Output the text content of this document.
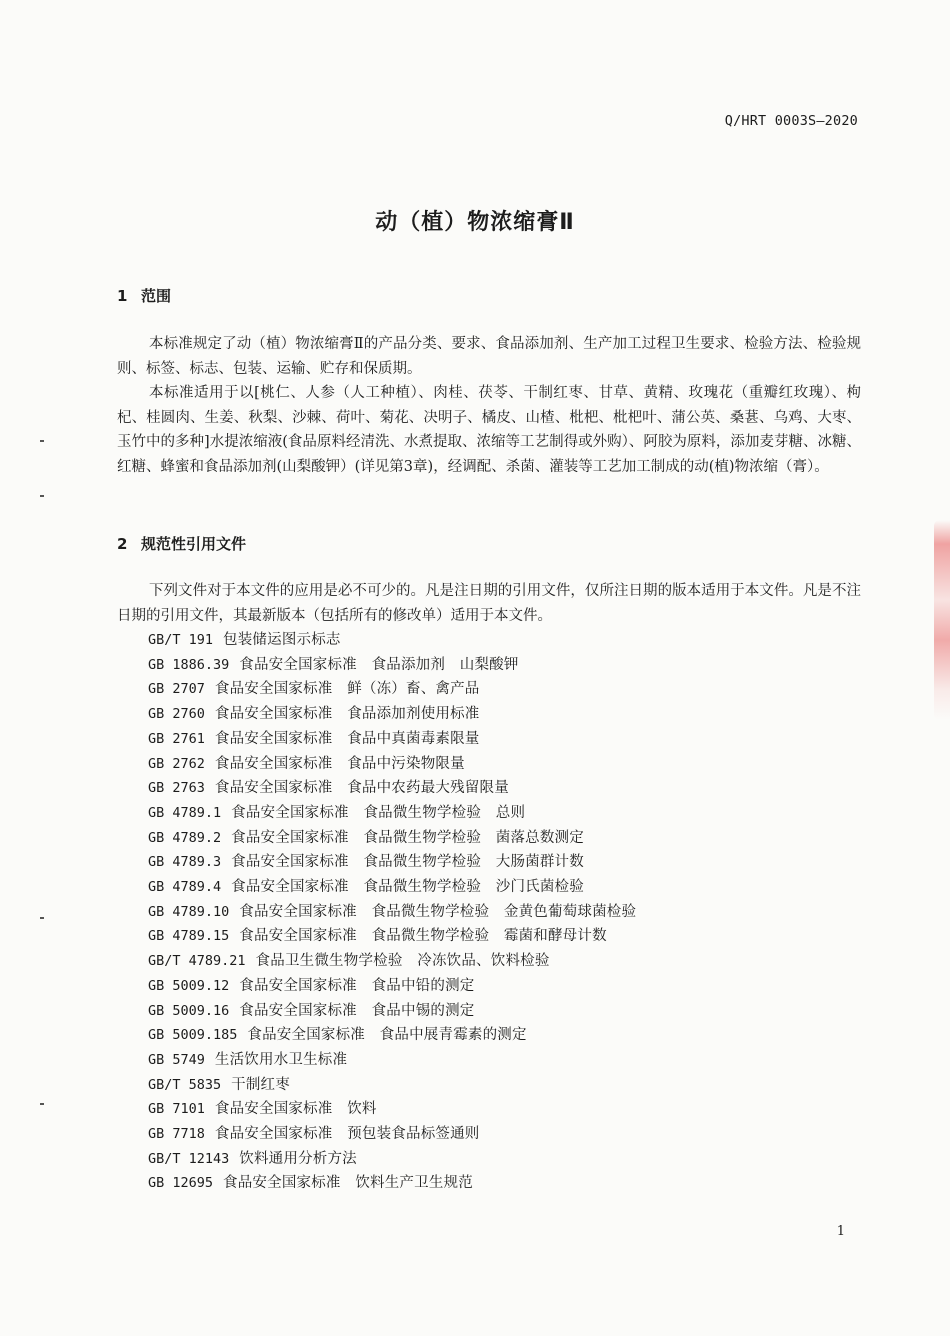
Q/HRT 0003S—2020
动（植）物浓缩膏Ⅱ
1 范围

本标准规定了动（植）物浓缩膏Ⅱ的产品分类、要求、食品添加剂、生产加工过程卫生要求、检验方法、检验规则、标签、标志、包装、运输、贮存和保质期。

本标准适用于以[桃仁、人参（人工种植）、肉桂、茯苓、干制红枣、甘草、黄精、玫瑰花（重瓣红玫瑰）、枸杞、桂圆肉、生姜、秋梨、沙棘、荷叶、菊花、决明子、橘皮、山楂、枇杷、枇杷叶、蒲公英、桑葚、乌鸡、大枣、玉竹中的多种]水提浓缩液(食品原料经清洗、水煮提取、浓缩等工艺制得或外购）、阿胶为原料，添加麦芽糖、冰糖、红糖、蜂蜜和食品添加剂(山梨酸钾）(详见第3章)，经调配、杀菌、灌装等工艺加工制成的动(植)物浓缩（膏）。

2 规范性引用文件

下列文件对于本文件的应用是必不可少的。凡是注日期的引用文件，仅所注日期的版本适用于本文件。凡是不注日期的引用文件，其最新版本（包括所有的修改单）适用于本文件。

GB/T 191 包装储运图示标志
GB 1886.39 食品安全国家标准　食品添加剂　山梨酸钾
GB 2707 食品安全国家标准　鲜（冻）畜、禽产品
GB 2760 食品安全国家标准　食品添加剂使用标准
GB 2761 食品安全国家标准　食品中真菌毒素限量
GB 2762 食品安全国家标准　食品中污染物限量
GB 2763 食品安全国家标准　食品中农药最大残留限量
GB 4789.1 食品安全国家标准　食品微生物学检验　总则
GB 4789.2 食品安全国家标准　食品微生物学检验　菌落总数测定
GB 4789.3 食品安全国家标准　食品微生物学检验　大肠菌群计数
GB 4789.4 食品安全国家标准　食品微生物学检验　沙门氏菌检验
GB 4789.10 食品安全国家标准　食品微生物学检验　金黄色葡萄球菌检验
GB 4789.15 食品安全国家标准　食品微生物学检验　霉菌和酵母计数
GB/T 4789.21 食品卫生微生物学检验　冷冻饮品、饮料检验
GB 5009.12 食品安全国家标准　食品中铅的测定
GB 5009.16 食品安全国家标准　食品中锡的测定
GB 5009.185 食品安全国家标准　食品中展青霉素的测定
GB 5749 生活饮用水卫生标准
GB/T 5835 干制红枣
GB 7101 食品安全国家标准　饮料
GB 7718 食品安全国家标准　预包装食品标签通则
GB/T 12143 饮料通用分析方法
GB 12695 食品安全国家标准　饮料生产卫生规范
1
